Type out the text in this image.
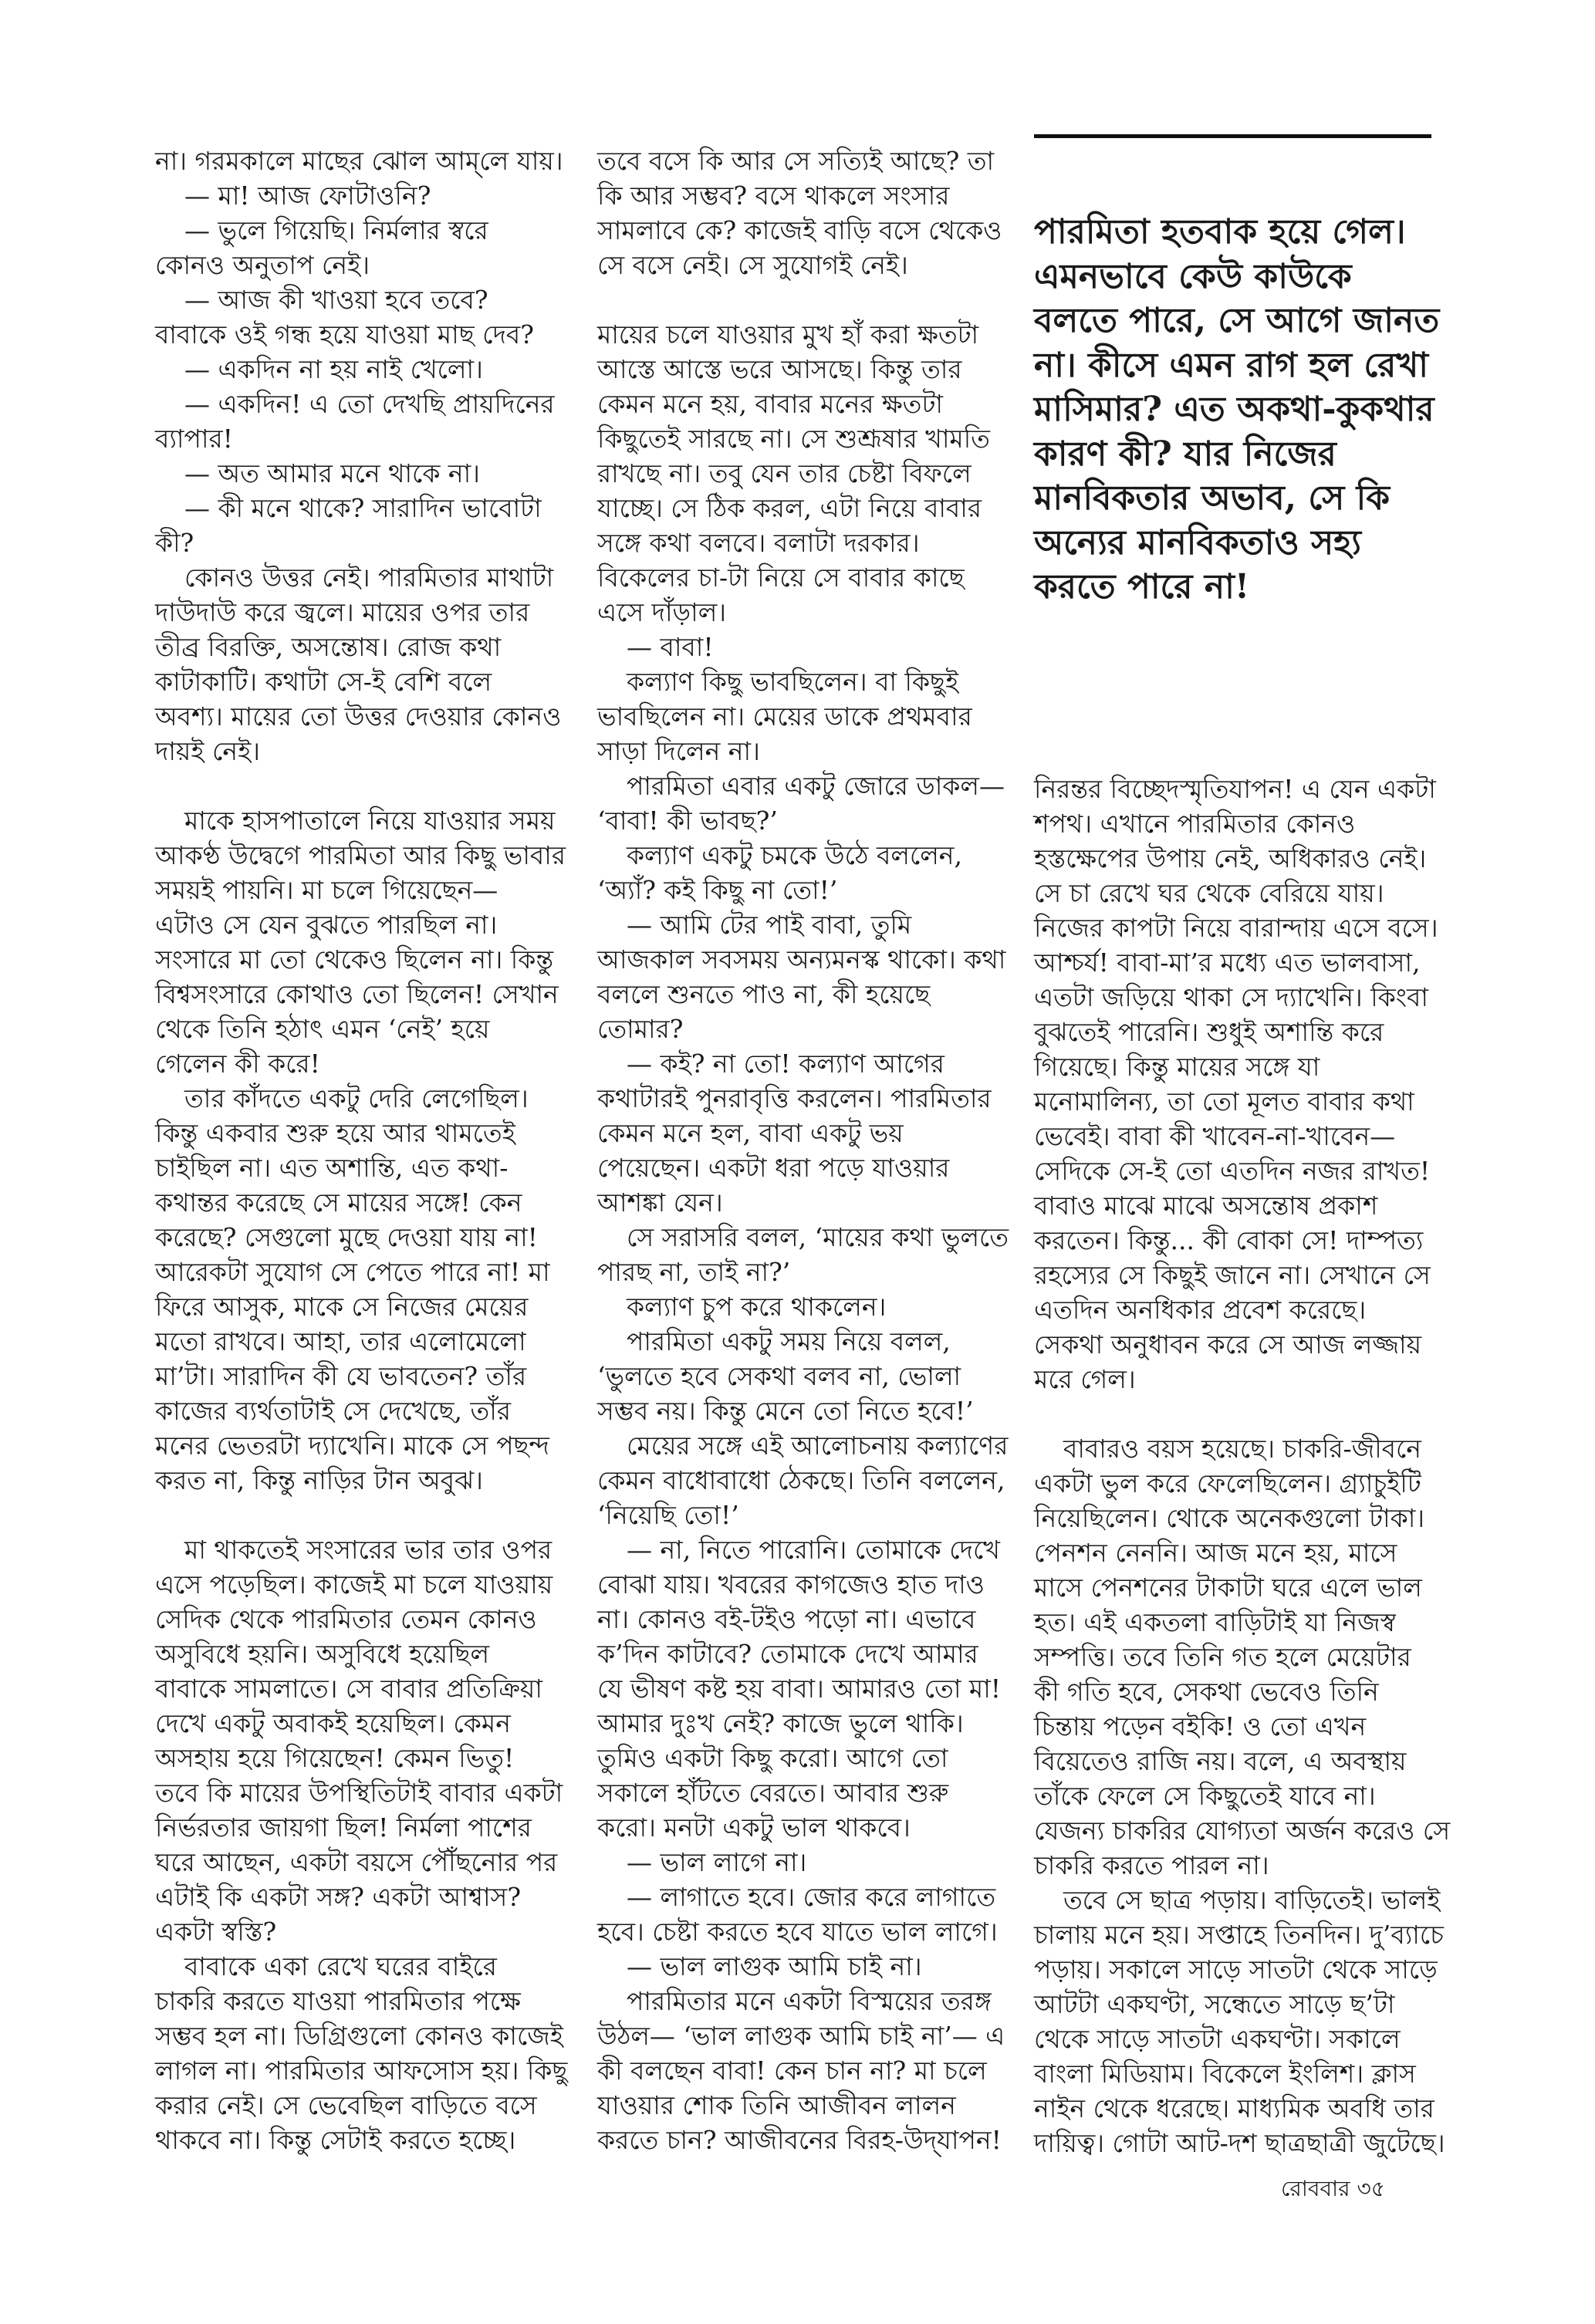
না। গরমকালে মাছের ঝোল আম্‌লে যায়।
— মা! আজ ফোটাওনি?
— ভুলে গিয়েছি। নির্মলার স্বরে
কোনও অনুতাপ নেই।
— আজ কী খাওয়া হবে তবে?
বাবাকে ওই গন্ধ হয়ে যাওয়া মাছ দেব?
— একদিন না হয় নাই খেলো।
— একদিন! এ তো দেখছি প্রায়দিনের
ব্যাপার!
— অত আমার মনে থাকে না।
— কী মনে থাকে? সারাদিন ভাবোটা
কী?
কোনও উত্তর নেই। পারমিতার মাথাটা
দাউদাউ করে জ্বলে। মায়ের ওপর তার
তীব্র বিরক্তি, অসন্তোষ। রোজ কথা
কাটাকাটি। কথাটা সে-ই বেশি বলে
অবশ্য। মায়ের তো উত্তর দেওয়ার কোনও
দায়ই নেই।
মাকে হাসপাতালে নিয়ে যাওয়ার সময়
আকণ্ঠ উদ্বেগে পারমিতা আর কিছু ভাবার
সময়ই পায়নি। মা চলে গিয়েছেন—
এটাও সে যেন বুঝতে পারছিল না।
সংসারে মা তো থেকেও ছিলেন না। কিন্তু
বিশ্বসংসারে কোথাও তো ছিলেন! সেখান
থেকে তিনি হঠাৎ এমন ‘নেই’ হয়ে
গেলেন কী করে!
তার কাঁদতে একটু দেরি লেগেছিল।
কিন্তু একবার শুরু হয়ে আর থামতেই
চাইছিল না। এত অশান্তি, এত কথা-
কথান্তর করেছে সে মায়ের সঙ্গে! কেন
করেছে? সেগুলো মুছে দেওয়া যায় না!
আরেকটা সুযোগ সে পেতে পারে না! মা
ফিরে আসুক, মাকে সে নিজের মেয়ের
মতো রাখবে। আহা, তার এলোমেলো
মা’টা। সারাদিন কী যে ভাবতেন? তাঁর
কাজের ব্যর্থতাটাই সে দেখেছে, তাঁর
মনের ভেতরটা দ্যাখেনি। মাকে সে পছন্দ
করত না, কিন্তু নাড়ির টান অবুঝ।
মা থাকতেই সংসারের ভার তার ওপর
এসে পড়েছিল। কাজেই মা চলে যাওয়ায়
সেদিক থেকে পারমিতার তেমন কোনও
অসুবিধে হয়নি। অসুবিধে হয়েছিল
বাবাকে সামলাতে। সে বাবার প্রতিক্রিয়া
দেখে একটু অবাকই হয়েছিল। কেমন
অসহায় হয়ে গিয়েছেন! কেমন ভিতু!
তবে কি মায়ের উপস্থিতিটাই বাবার একটা
নির্ভরতার জায়গা ছিল! নির্মলা পাশের
ঘরে আছেন, একটা বয়সে পৌঁছনোর পর
এটাই কি একটা সঙ্গ? একটা আশ্বাস?
একটা স্বস্তি?
বাবাকে একা রেখে ঘরের বাইরে
চাকরি করতে যাওয়া পারমিতার পক্ষে
সম্ভব হল না। ডিগ্রিগুলো কোনও কাজেই
লাগল না। পারমিতার আফসোস হয়। কিছু
করার নেই। সে ভেবেছিল বাড়িতে বসে
থাকবে না। কিন্তু সেটাই করতে হচ্ছে।
তবে বসে কি আর সে সত্যিই আছে? তা
কি আর সম্ভব? বসে থাকলে সংসার
সামলাবে কে? কাজেই বাড়ি বসে থেকেও
সে বসে নেই। সে সুযোগই নেই।
মায়ের চলে যাওয়ার মুখ হাঁ করা ক্ষতটা
আস্তে আস্তে ভরে আসছে। কিন্তু তার
কেমন মনে হয়, বাবার মনের ক্ষতটা
কিছুতেই সারছে না। সে শুশ্রূষার খামতি
রাখছে না। তবু যেন তার চেষ্টা বিফলে
যাচ্ছে। সে ঠিক করল, এটা নিয়ে বাবার
সঙ্গে কথা বলবে। বলাটা দরকার।
বিকেলের চা-টা নিয়ে সে বাবার কাছে
এসে দাঁড়াল।
— বাবা!
কল্যাণ কিছু ভাবছিলেন। বা কিছুই
ভাবছিলেন না। মেয়ের ডাকে প্রথমবার
সাড়া দিলেন না।
পারমিতা এবার একটু জোরে ডাকল—
‘বাবা! কী ভাবছ?’
কল্যাণ একটু চমকে উঠে বললেন,
‘অ্যাঁ? কই কিছু না তো!’
— আমি টের পাই বাবা, তুমি
আজকাল সবসময় অন্যমনস্ক থাকো। কথা
বললে শুনতে পাও না, কী হয়েছে
তোমার?
— কই? না তো! কল্যাণ আগের
কথাটারই পুনরাবৃত্তি করলেন। পারমিতার
কেমন মনে হল, বাবা একটু ভয়
পেয়েছেন। একটা ধরা পড়ে যাওয়ার
আশঙ্কা যেন।
সে সরাসরি বলল, ‘মায়ের কথা ভুলতে
পারছ না, তাই না?’
কল্যাণ চুপ করে থাকলেন।
পারমিতা একটু সময় নিয়ে বলল,
‘ভুলতে হবে সেকথা বলব না, ভোলা
সম্ভব নয়। কিন্তু মেনে তো নিতে হবে!’
মেয়ের সঙ্গে এই আলোচনায় কল্যাণের
কেমন বাধোবাধো ঠেকছে। তিনি বললেন,
‘নিয়েছি তো!’
— না, নিতে পারোনি। তোমাকে দেখে
বোঝা যায়। খবরের কাগজেও হাত দাও
না। কোনও বই-টইও পড়ো না। এভাবে
ক’দিন কাটাবে? তোমাকে দেখে আমার
যে ভীষণ কষ্ট হয় বাবা। আমারও তো মা!
আমার দুঃখ নেই? কাজে ভুলে থাকি।
তুমিও একটা কিছু করো। আগে তো
সকালে হাঁটতে বেরতে। আবার শুরু
করো। মনটা একটু ভাল থাকবে।
— ভাল লাগে না।
— লাগাতে হবে। জোর করে লাগাতে
হবে। চেষ্টা করতে হবে যাতে ভাল লাগে।
— ভাল লাগুক আমি চাই না।
পারমিতার মনে একটা বিস্ময়ের তরঙ্গ
উঠল— ‘ভাল লাগুক আমি চাই না’— এ
কী বলছেন বাবা! কেন চান না? মা চলে
যাওয়ার শোক তিনি আজীবন লালন
করতে চান? আজীবনের বিরহ-উদ্‌যাপন!
পারমিতা হতবাক হয়ে গেল।
এমনভাবে কেউ কাউকে
বলতে পারে, সে আগে জানত
না। কীসে এমন রাগ হল রেখা
মাসিমার? এত অকথা-কুকথার
কারণ কী? যার নিজের
মানবিকতার অভাব, সে কি
অন্যের মানবিকতাও সহ্য
করতে পারে না!
নিরন্তর বিচ্ছেদস্মৃতিযাপন! এ যেন একটা
শপথ। এখানে পারমিতার কোনও
হস্তক্ষেপের উপায় নেই, অধিকারও নেই।
সে চা রেখে ঘর থেকে বেরিয়ে যায়।
নিজের কাপটা নিয়ে বারান্দায় এসে বসে।
আশ্চর্য! বাবা-মা’র মধ্যে এত ভালবাসা,
এতটা জড়িয়ে থাকা সে দ্যাখেনি। কিংবা
বুঝতেই পারেনি। শুধুই অশান্তি করে
গিয়েছে। কিন্তু মায়ের সঙ্গে যা
মনোমালিন্য, তা তো মূলত বাবার কথা
ভেবেই। বাবা কী খাবেন-না-খাবেন—
সেদিকে সে-ই তো এতদিন নজর রাখত!
বাবাও মাঝে মাঝে অসন্তোষ প্রকাশ
করতেন। কিন্তু... কী বোকা সে! দাম্পত্য
রহস্যের সে কিছুই জানে না। সেখানে সে
এতদিন অনধিকার প্রবেশ করেছে।
সেকথা অনুধাবন করে সে আজ লজ্জায়
মরে গেল।
বাবারও বয়স হয়েছে। চাকরি-জীবনে
একটা ভুল করে ফেলেছিলেন। গ্র্যাচুইটি
নিয়েছিলেন। থোকে অনেকগুলো টাকা।
পেনশন নেননি। আজ মনে হয়, মাসে
মাসে পেনশনের টাকাটা ঘরে এলে ভাল
হত। এই একতলা বাড়িটাই যা নিজস্ব
সম্পত্তি। তবে তিনি গত হলে মেয়েটার
কী গতি হবে, সেকথা ভেবেও তিনি
চিন্তায় পড়েন বইকি! ও তো এখন
বিয়েতেও রাজি নয়। বলে, এ অবস্থায়
তাঁকে ফেলে সে কিছুতেই যাবে না।
যেজন্য চাকরির যোগ্যতা অর্জন করেও সে
চাকরি করতে পারল না।
তবে সে ছাত্র পড়ায়। বাড়িতেই। ভালই
চালায় মনে হয়। সপ্তাহে তিনদিন। দু’ব্যাচে
পড়ায়। সকালে সাড়ে সাতটা থেকে সাড়ে
আটটা একঘণ্টা, সন্ধেতে সাড়ে ছ’টা
থেকে সাড়ে সাতটা একঘণ্টা। সকালে
বাংলা মিডিয়াম। বিকেলে ইংলিশ। ক্লাস
নাইন থেকে ধরেছে। মাধ্যমিক অবধি তার
দায়িত্ব। গোটা আট-দশ ছাত্রছাত্রী জুটেছে।
রোববার ৩৫
